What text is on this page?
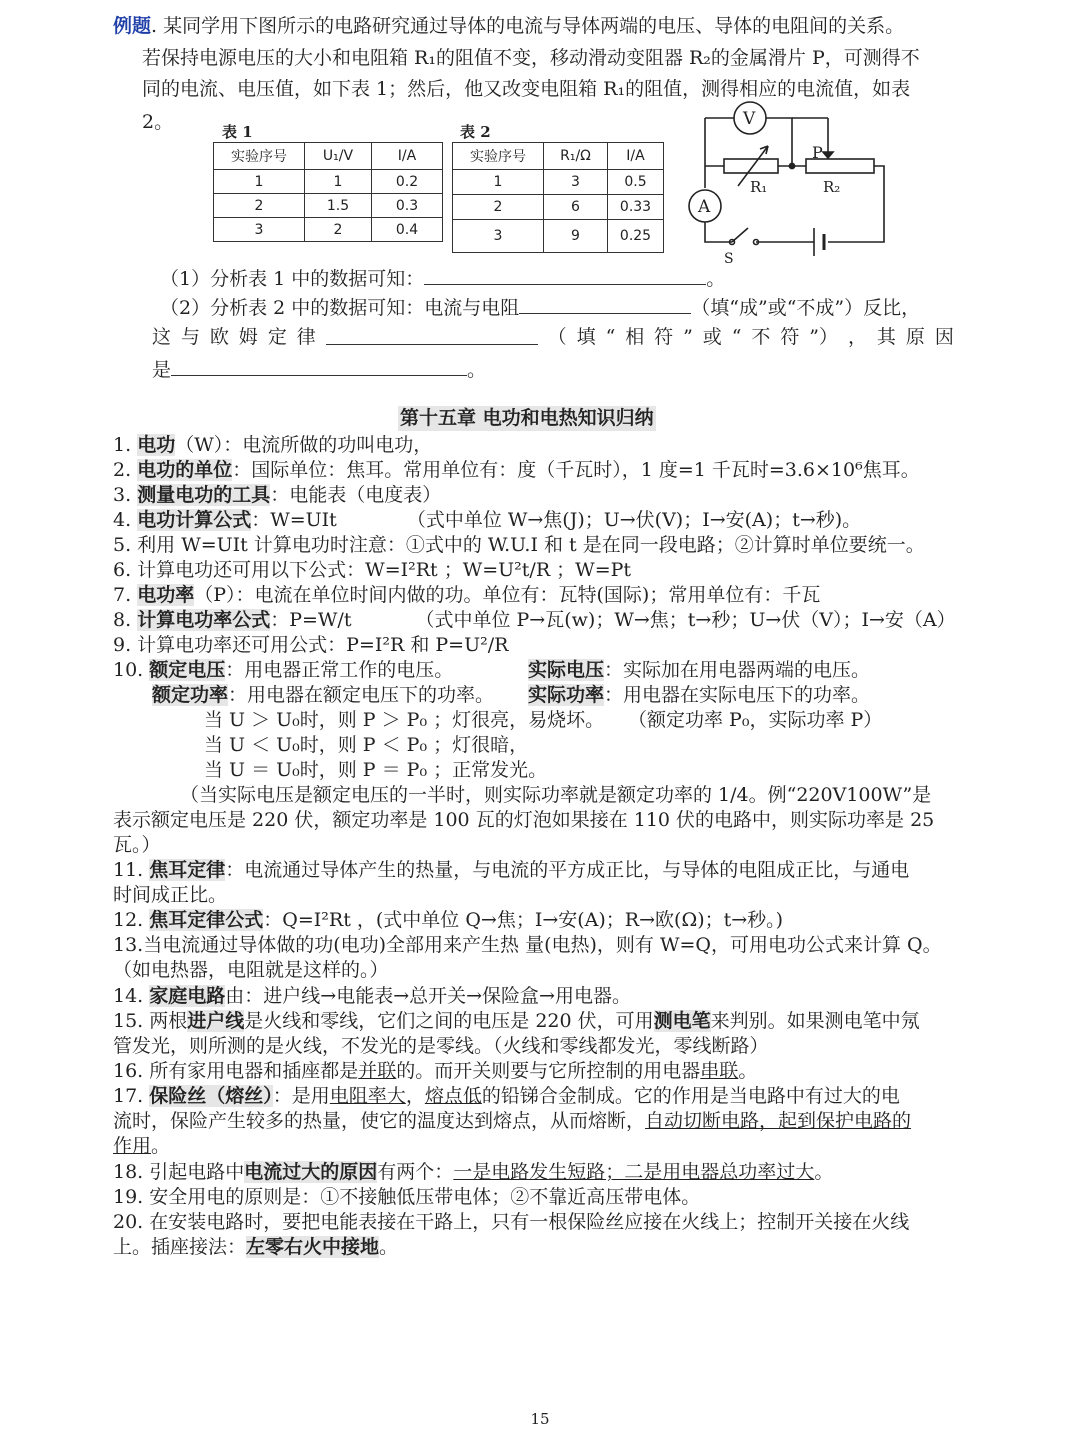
例题. 某同学用下图所示的电路研究通过导体的电流与导体两端的电压、导体的电阻间的关系。
若保持电源电压的大小和电阻箱 R₁的阻值不变，移动滑动变阻器 R₂的金属滑片 P，可测得不
同的电流、电压值，如下表 1；然后，他又改变电阻箱 R₁的阻值，测得相应的电流值，如表
2。	表 1
实验序号	U₁/V	I/A
1	1	0.2
2	1.5	0.3
3	2	0.4
表 2
实验序号	R₁/Ω	I/A
1	3	0.5
2	6	0.33
3	9	0.25
V
R₁
P
R₂
A
S
（1）分析表 1 中的数据可知：	。
（2）分析表 2 中的数据可知：电流与电阻	（填“成”或“不成”）反比，
这 与 欧 姆 定 律	（ 填 “ 相 符 ” 或 “ 不 符 ”） ， 其 原 因
是	。
第十五章 电功和电热知识归纳
1. 电功（W）：电流所做的功叫电功，
2. 电功的单位：国际单位：焦耳。常用单位有：度（千瓦时），1 度=1 千瓦时=3.6×10⁶焦耳。
3. 测量电功的工具：电能表（电度表）
4. 电功计算公式：W=UIt	（式中单位 W→焦(J)；U→伏(V)；I→安(A)；t→秒)。
5. 利用 W=UIt 计算电功时注意：①式中的 W.U.I 和 t 是在同一段电路；②计算时单位要统一。
6. 计算电功还可用以下公式：W=I²Rt ；W=U²t/R ；W=Pt
7. 电功率（P）：电流在单位时间内做的功。单位有：瓦特(国际)；常用单位有：千瓦
8. 计算电功率公式：P=W/t	（式中单位 P→瓦(w)；W→焦；t→秒；U→伏（V）；I→安（A）
9. 计算电功率还可用公式：P=I²R 和 P=U²/R
10. 额定电压：用电器正常工作的电压。	实际电压：实际加在用电器两端的电压。
额定功率：用电器在额定电压下的功率。 实际功率：用电器在实际电压下的功率。
当 U ＞ U₀时，则 P ＞ P₀ ；灯很亮，易烧坏。 （额定功率 P₀，实际功率 P）
当 U ＜ U₀时，则 P ＜ P₀ ；灯很暗，
当 U ＝ U₀时，则 P ＝ P₀ ；正常发光。
（当实际电压是额定电压的一半时，则实际功率就是额定功率的 1/4。例“220V100W”是
表示额定电压是 220 伏，额定功率是 100 瓦的灯泡如果接在 110 伏的电路中，则实际功率是 25
瓦。）
11. 焦耳定律：电流通过导体产生的热量，与电流的平方成正比，与导体的电阻成正比，与通电
时间成正比。
12. 焦耳定律公式：Q=I²Rt ，(式中单位 Q→焦；I→安(A)；R→欧(Ω)；t→秒。)
13.当电流通过导体做的功(电功)全部用来产生热 量(电热)，则有 W=Q，可用电功公式来计算 Q。
（如电热器，电阻就是这样的。）
14. 家庭电路由：进户线→电能表→总开关→保险盒→用电器。
15. 两根进户线是火线和零线，它们之间的电压是 220 伏，可用测电笔来判别。如果测电笔中氖
管发光，则所测的是火线，不发光的是零线。（火线和零线都发光，零线断路）
16. 所有家用电器和插座都是并联的。而开关则要与它所控制的用电器串联。
17. 保险丝（熔丝）：是用电阻率大，熔点低的铅锑合金制成。它的作用是当电路中有过大的电
流时，保险产生较多的热量，使它的温度达到熔点，从而熔断，自动切断电路，起到保护电路的
作用。
18. 引起电路中电流过大的原因有两个：一是电路发生短路；二是用电器总功率过大。
19. 安全用电的原则是：①不接触低压带电体；②不靠近高压带电体。
20. 在安装电路时，要把电能表接在干路上，只有一根保险丝应接在火线上；控制开关接在火线
上。插座接法：左零右火中接地。
15
